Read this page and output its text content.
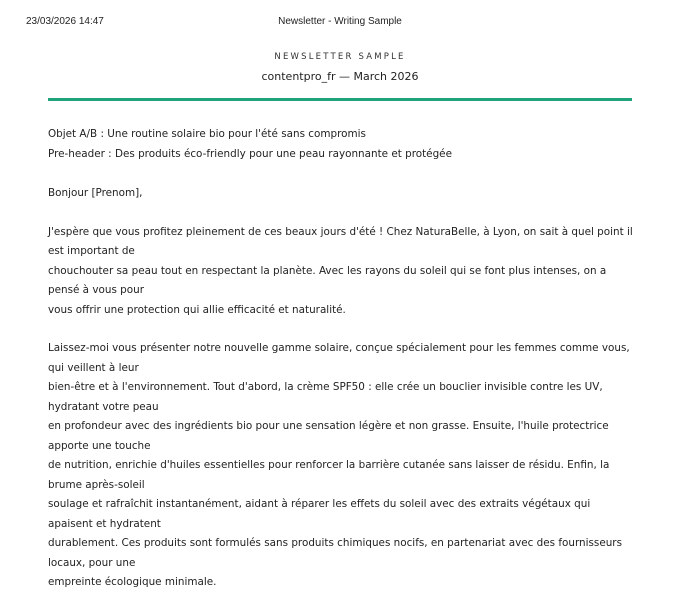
23/03/2026 14:47	Newsletter - Writing Sample
NEWSLETTER SAMPLE
contentpro_fr — March 2026

Objet A/B : Une routine solaire bio pour l'été sans compromis

Pre-header : Des produits éco-friendly pour une peau rayonnante et protégée

Bonjour [Prenom],

J'espère que vous profitez pleinement de ces beaux jours d'été ! Chez NaturaBelle, à Lyon, on sait à quel point il est important de

chouchouter sa peau tout en respectant la planète. Avec les rayons du soleil qui se font plus intenses, on a pensé à vous pour

vous offrir une protection qui allie efficacité et naturalité.

Laissez-moi vous présenter notre nouvelle gamme solaire, conçue spécialement pour les femmes comme vous, qui veillent à leur

bien-être et à l'environnement. Tout d'abord, la crème SPF50 : elle crée un bouclier invisible contre les UV, hydratant votre peau

en profondeur avec des ingrédients bio pour une sensation légère et non grasse. Ensuite, l'huile protectrice apporte une touche

de nutrition, enrichie d'huiles essentielles pour renforcer la barrière cutanée sans laisser de résidu. Enfin, la brume après-soleil

soulage et rafraîchit instantanément, aidant à réparer les effets du soleil avec des extraits végétaux qui apaisent et hydratent

durablement. Ces produits sont formulés sans produits chimiques nocifs, en partenariat avec des fournisseurs locaux, pour une

empreinte écologique minimale.
